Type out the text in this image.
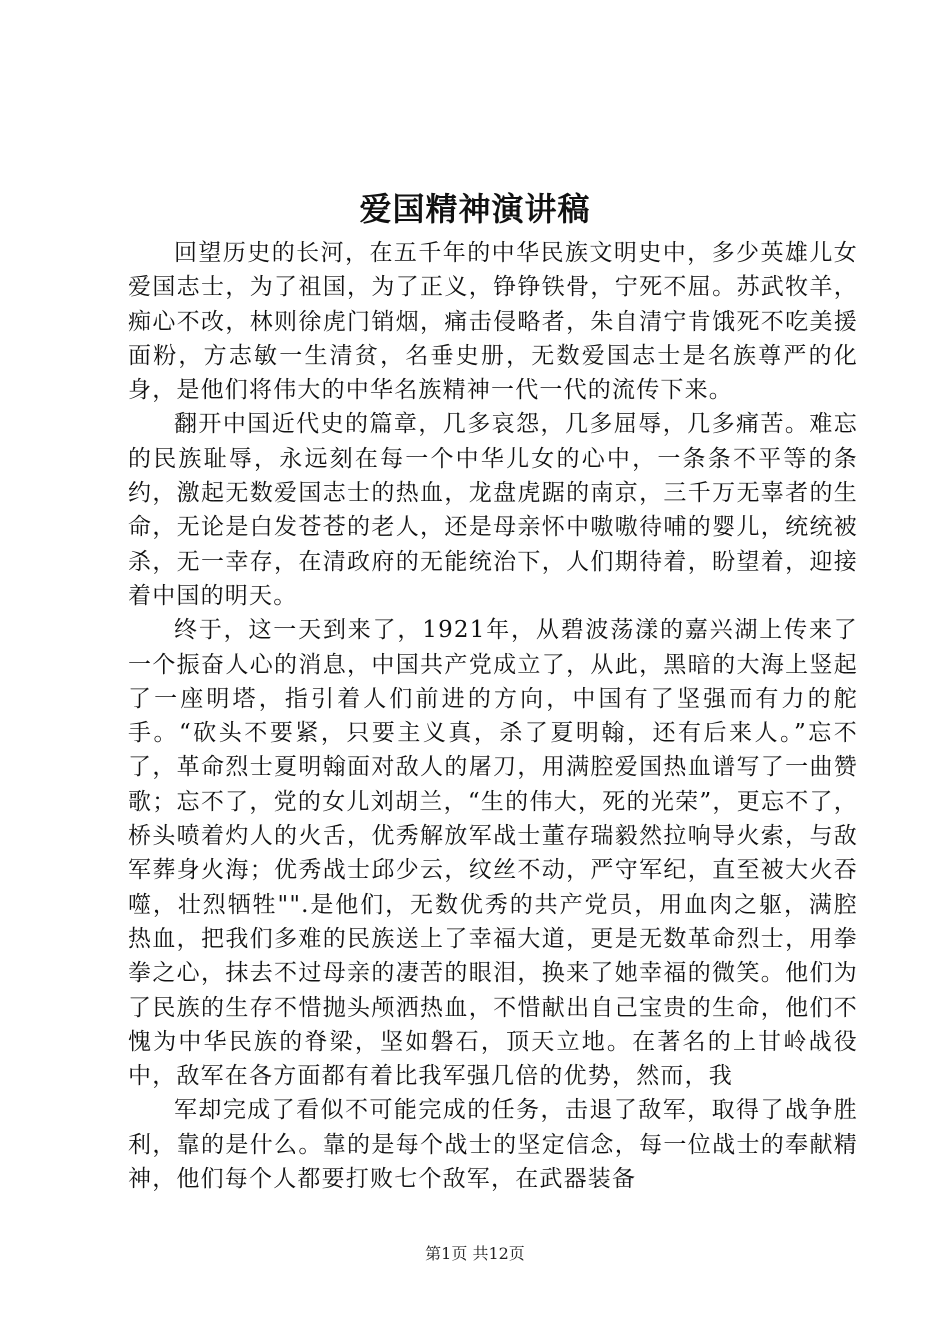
爱国精神演讲稿

回望历史的长河，在五千年的中华民族文明史中，多少英雄儿女爱国志士，为了祖国，为了正义，铮铮铁骨，宁死不屈。苏武牧羊，痴心不改，林则徐虎门销烟，痛击侵略者，朱自清宁肯饿死不吃美援面粉，方志敏一生清贫，名垂史册，无数爱国志士是名族尊严的化身，是他们将伟大的中华名族精神一代一代的流传下来。

翻开中国近代史的篇章，几多哀怨，几多屈辱，几多痛苦。难忘的民族耻辱，永远刻在每一个中华儿女的心中，一条条不平等的条约，激起无数爱国志士的热血，龙盘虎踞的南京，三千万无辜者的生命，无论是白发苍苍的老人，还是母亲怀中嗷嗷待哺的婴儿，统统被杀，无一幸存，在清政府的无能统治下，人们期待着，盼望着，迎接着中国的明天。

终于，这一天到来了，1921年，从碧波荡漾的嘉兴湖上传来了一个振奋人心的消息，中国共产党成立了，从此，黑暗的大海上竖起了一座明塔，指引着人们前进的方向，中国有了坚强而有力的舵手。“砍头不要紧，只要主义真，杀了夏明翰，还有后来人。”忘不了，革命烈士夏明翰面对敌人的屠刀，用满腔爱国热血谱写了一曲赞歌；忘不了，党的女儿刘胡兰，“生的伟大，死的光荣”，更忘不了，桥头喷着灼人的火舌，优秀解放军战士董存瑞毅然拉响导火索，与敌军葬身火海；优秀战士邱少云，纹丝不动，严守军纪，直至被大火吞噬，壮烈牺牲"".是他们，无数优秀的共产党员，用血肉之躯，满腔热血，把我们多难的民族送上了幸福大道，更是无数革命烈士，用拳拳之心，抹去不过母亲的凄苦的眼泪，换来了她幸福的微笑。他们为了民族的生存不惜抛头颅洒热血，不惜献出自己宝贵的生命，他们不愧为中华民族的脊梁，坚如磐石，顶天立地。在著名的上甘岭战役中，敌军在各方面都有着比我军强几倍的优势，然而，我

军却完成了看似不可能完成的任务，击退了敌军，取得了战争胜利，靠的是什么。靠的是每个战士的坚定信念，每一位战士的奉献精神，他们每个人都要打败七个敌军，在武器装备

第1页 共12页
